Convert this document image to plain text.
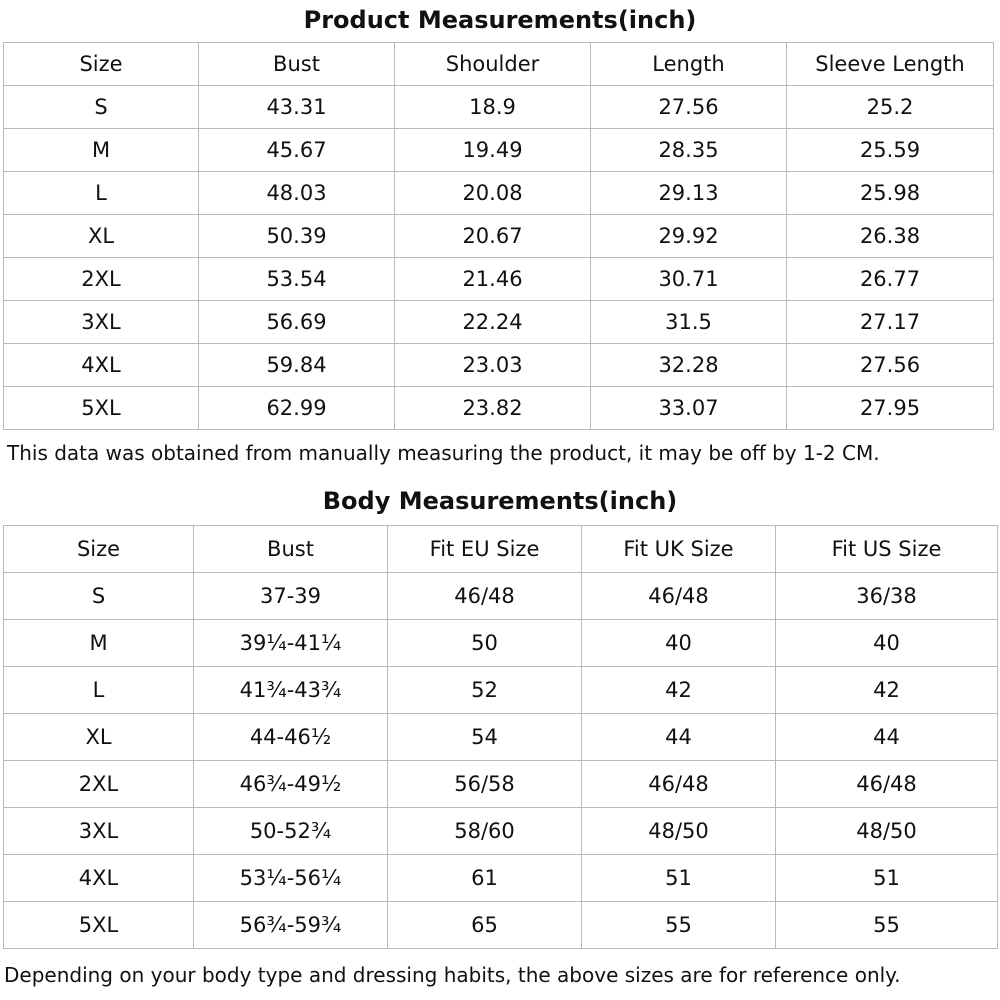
Product Measurements(inch)
Size	Bust	Shoulder	Length	Sleeve Length
S	43.31	18.9	27.56	25.2
M	45.67	19.49	28.35	25.59
L	48.03	20.08	29.13	25.98
XL	50.39	20.67	29.92	26.38
2XL	53.54	21.46	30.71	26.77
3XL	56.69	22.24	31.5	27.17
4XL	59.84	23.03	32.28	27.56
5XL	62.99	23.82	33.07	27.95
This data was obtained from manually measuring the product, it may be off by 1-2 CM.
Body Measurements(inch)
Size	Bust	Fit EU Size	Fit UK Size	Fit US Size
S	37-39	46/48	46/48	36/38
M	39¼-41¼	50	40	40
L	41¾-43¾	52	42	42
XL	44-46½	54	44	44
2XL	46¾-49½	56/58	46/48	46/48
3XL	50-52¾	58/60	48/50	48/50
4XL	53¼-56¼	61	51	51
5XL	56¾-59¾	65	55	55
Depending on your body type and dressing habits, the above sizes are for reference only.
